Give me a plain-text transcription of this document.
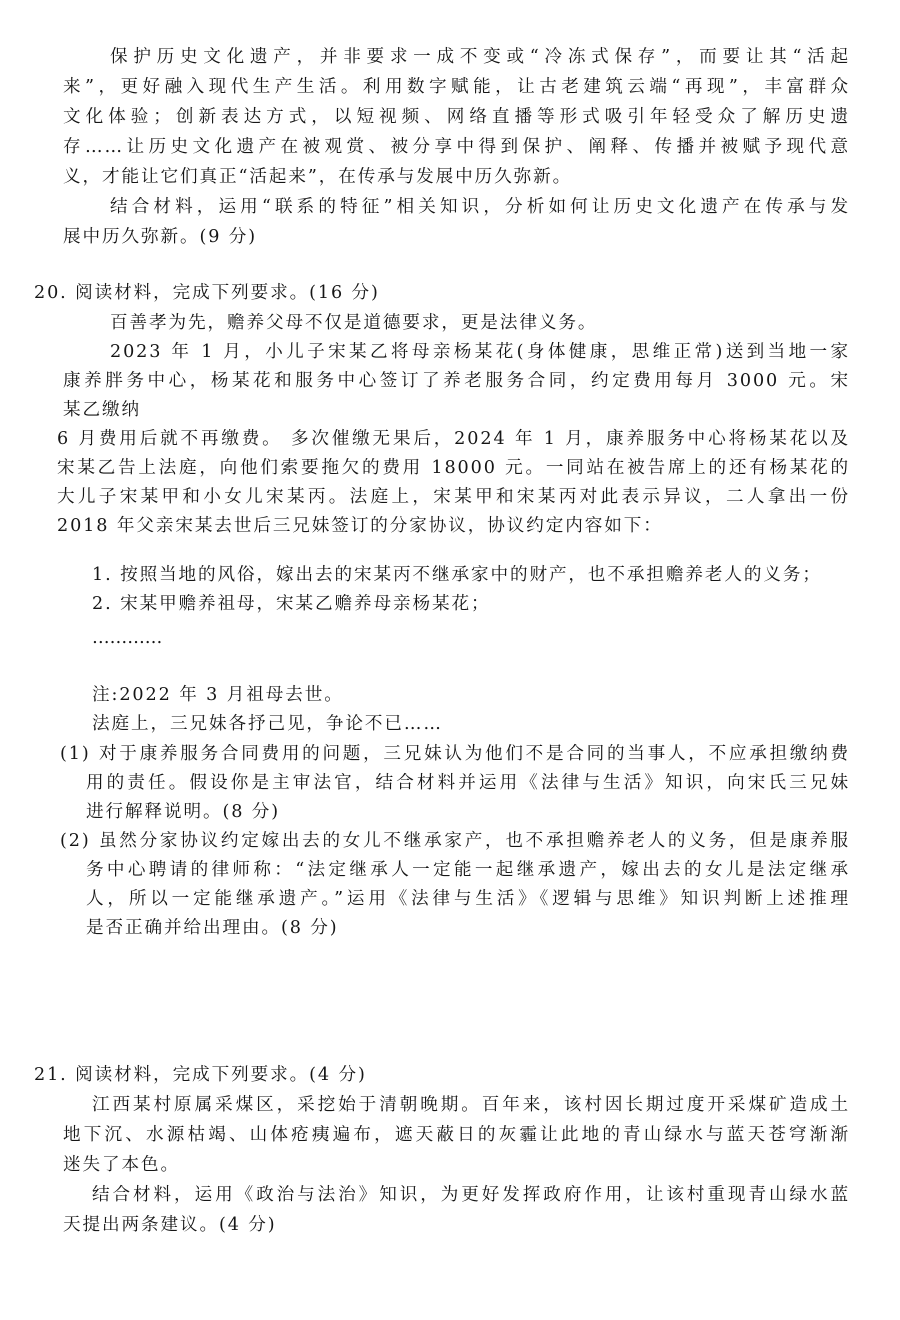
保护历史文化遗产，并非要求一成不变或“冷冻式保存”，而要让其“活起
来”，更好融入现代生产生活。利用数字赋能，让古老建筑云端“再现”，丰富群众
文化体验；创新表达方式，以短视频、网络直播等形式吸引年轻受众了解历史遗
存……让历史文化遗产在被观赏、被分享中得到保护、阐释、传播并被赋予现代意
义，才能让它们真正“活起来”，在传承与发展中历久弥新。
结合材料，运用“联系的特征”相关知识，分析如何让历史文化遗产在传承与发
展中历久弥新。(9 分)
20. 阅读材料，完成下列要求。(16 分)
百善孝为先，赡养父母不仅是道德要求，更是法律义务。
2023 年 1 月，小儿子宋某乙将母亲杨某花(身体健康，思维正常)送到当地一家
康养胖务中心，杨某花和服务中心签订了养老服务合同，约定费用每月 3000 元。宋
某乙缴纳
6 月费用后就不再缴费。 多次催缴无果后，2024 年 1 月，康养服务中心将杨某花以及
宋某乙告上法庭，向他们索要拖欠的费用 18000 元。一同站在被告席上的还有杨某花的
大儿子宋某甲和小女儿宋某丙。法庭上，宋某甲和宋某丙对此表示异议，二人拿出一份
2018 年父亲宋某去世后三兄妹签订的分家协议，协议约定内容如下：
1. 按照当地的风俗，嫁出去的宋某丙不继承家中的财产，也不承担赡养老人的义务；
2. 宋某甲赡养祖母，宋某乙赡养母亲杨某花；
…………
注:2022 年 3 月祖母去世。
法庭上，三兄妹各抒己见，争论不已……
(1) 对于康养服务合同费用的问题，三兄妹认为他们不是合同的当事人，不应承担缴纳费
用的责任。假设你是主审法官，结合材料并运用《法律与生活》知识，向宋氏三兄妹
进行解释说明。(8 分)
(2) 虽然分家协议约定嫁出去的女儿不继承家产，也不承担赡养老人的义务，但是康养服
务中心聘请的律师称：“法定继承人一定能一起继承遗产，嫁出去的女儿是法定继承
人，所以一定能继承遗产。”运用《法律与生活》《逻辑与思维》知识判断上述推理
是否正确并给出理由。(8 分)
21. 阅读材料，完成下列要求。(4 分)
江西某村原属采煤区，采挖始于清朝晚期。百年来，该村因长期过度开采煤矿造成土
地下沉、水源枯竭、山体疮痍遍布，遮天蔽日的灰霾让此地的青山绿水与蓝天苍穹渐渐
迷失了本色。
结合材料，运用《政治与法治》知识，为更好发挥政府作用，让该村重现青山绿水蓝
天提出两条建议。(4 分)
